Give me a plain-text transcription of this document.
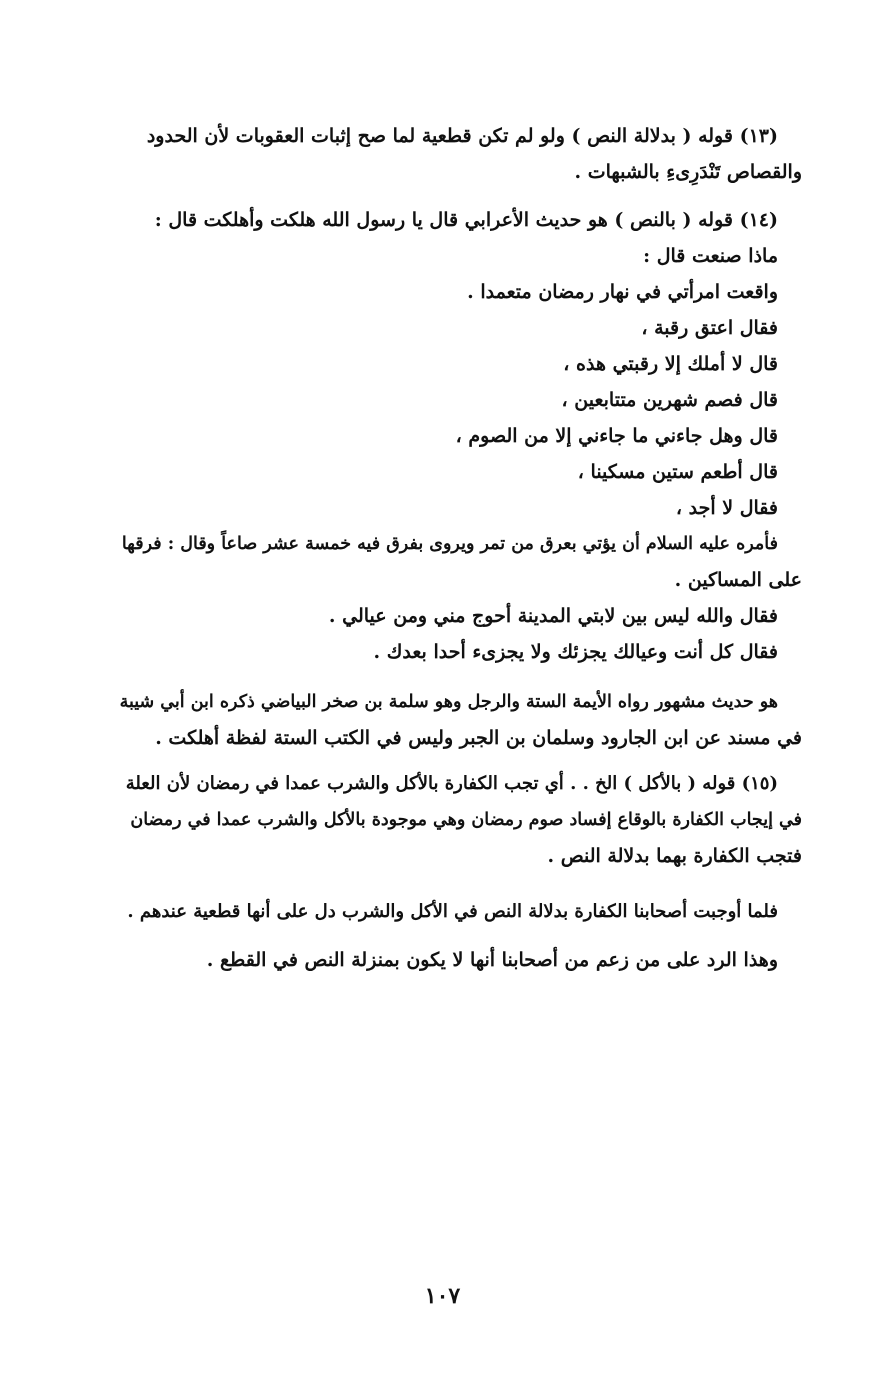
(١٣) قوله ( بدلالة النص ) ولو لم تكن قطعية لما صح إثبات العقوبات لأن الحدود
والقصاص تَنْدَرِىءِ بالشبهات .
(١٤) قوله ( بالنص ) هو حديث الأعرابي قال يا رسول الله هلكت وأهلكت قال :
ماذا صنعت قال :
واقعت امرأتي في نهار رمضان متعمدا .
فقال اعتق رقبة ،
قال لا أملك إلا رقبتي هذه ،
قال فصم شهرين متتابعين ،
قال وهل جاءني ما جاءني إلا من الصوم ،
قال أطعم ستين مسكينا ،
فقال لا أجد ،
فأمره عليه السلام أن يؤتي بعرق من تمر ويروى بفرق فيه خمسة عشر صاعاً وقال : فرقها
على المساكين .
فقال والله ليس بين لابتي المدينة أحوج مني ومن عيالي .
فقال كل أنت وعيالك يجزئك ولا يجزىء أحدا بعدك .
هو حديث مشهور رواه الأيمة الستة والرجل وهو سلمة بن صخر البياضي ذكره ابن أبي شيبة
في مسند عن ابن الجارود وسلمان بن الجبر وليس في الكتب الستة لفظة أهلكت .
(١٥) قوله ( بالأكل ) الخ . . أي تجب الكفارة بالأكل والشرب عمدا في رمضان لأن العلة
في إيجاب الكفارة بالوقاع إفساد صوم رمضان وهي موجودة بالأكل والشرب عمدا في رمضان
فتجب الكفارة بهما بدلالة النص .
فلما أوجبت أصحابنا الكفارة بدلالة النص في الأكل والشرب دل على أنها قطعية عندهم .
وهذا الرد على من زعم من أصحابنا أنها لا يكون بمنزلة النص في القطع .
١٠٧
